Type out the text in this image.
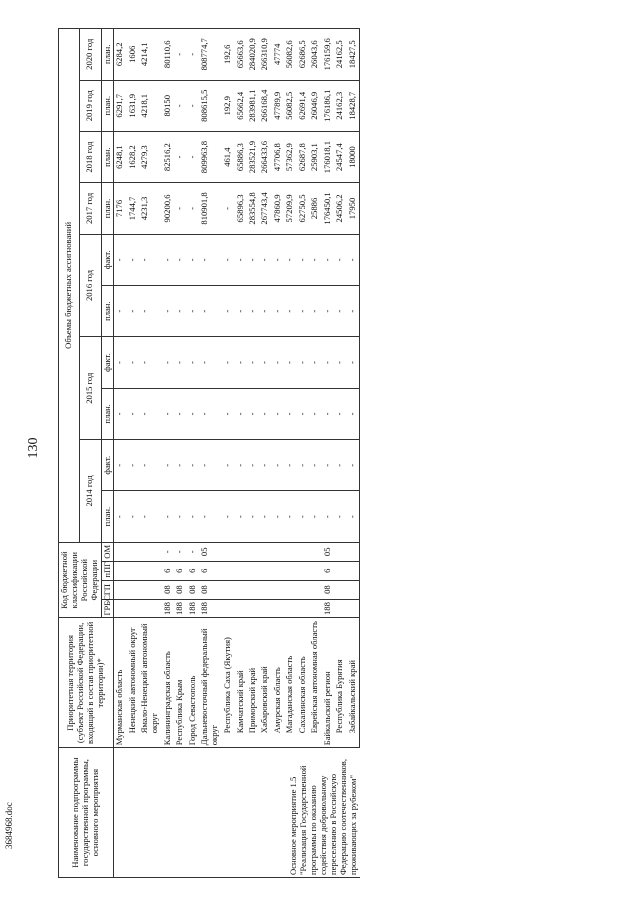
130
3684968.doc	Наименование подпрограммы государственной программы, основного мероприятия	Приоритетная территория (субъект Российской Федерации, входящий в состав приоритетной территории)*	Код бюджетной классификации Российской Федерации				Объемы бюджетных ассигнований									
						2014 год		2015 год		2016 год		2017 год	2018 год	2019 год	2020 год
		ГРБС	ГП	пПГ	ОМ	план.	факт.	план.	факт.	план.	факт.	план.	план.	план.	план.
Основное мероприятие 1.5 "Реализация Государственной программы по оказанию содействия добровольному переселению в Российскую Федерацию соотечественников, проживающих за рубежом"	Мурманская область					-	-	-	-	-	-	7176	6248,1	6291,7	6284,2
	Ненецкий автономный округ					-	-	-	-	-	-	1744,7	1628,2	1631,9	1606
	Ямало-Ненецкий автономный округ					-	-	-	-	-	-	4231,3	4279,3	4218,1	4214,1
	Калининградская область	188	08	6	-	-	-	-	-	-	-	90200,6	82516,2	80150	80110,6
	Республика Крым	188	08	6	-	-	-	-	-	-	-	-	-	-	-
	Город Севастополь	188	08	6	-	-	-	-	-	-	-	-	-	-	-
	Дальневосточный федеральный округ	188	08	6	05	-	-	-	-	-	-	810901,8	809963,8	808615,5	808774,7
	Республика Саха (Якутия)					-	-	-	-	-	-	-	461,4	192,9	192,6
	Камчатский край					-	-	-	-	-	-	65896,3	65886,3	65662,4	65663,6
	Приморский край					-	-	-	-	-	-	283554,8	283521,9	283981,1	284020,9
	Хабаровский край					-	-	-	-	-	-	267743,4	266433,6	266168,4	266310,9
	Амурская область					-	-	-	-	-	-	47860,9	47706,8	47789,9	47774
	Магаданская область					-	-	-	-	-	-	57209,9	57362,9	56082,5	56082,6
	Сахалинская область					-	-	-	-	-	-	62750,5	62687,8	62691,4	62686,5
	Еврейская автономная область					-	-	-	-	-	-	25886	25903,1	26046,9	26043,6
	Байкальский регион	188	08	6	05	-	-	-	-	-	-	176450,1	176018,1	176186,1	176159,6
	Республика Бурятия					-	-	-	-	-	-	24506,2	24547,4	24162,3	24162,5
	Забайкальский край					-	-	-	-	-	-	17950	18000	18428,7	18427,5
